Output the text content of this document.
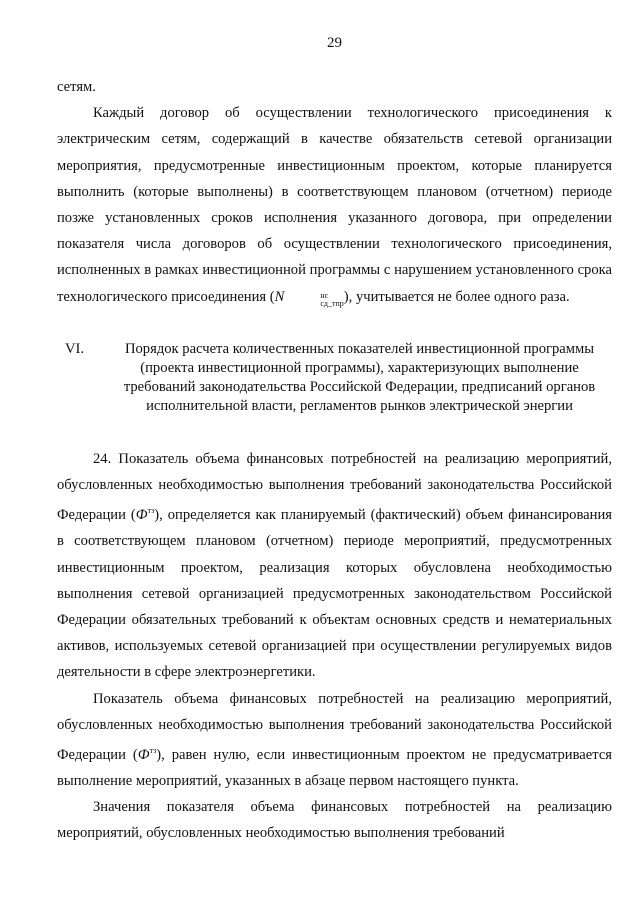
29

сетям.

Каждый договор об осуществлении технологического присоединения к электрическим сетям, содержащий в качестве обязательств сетевой организации мероприятия, предусмотренные инвестиционным проектом, которые планируется выполнить (которые выполнены) в соответствующем плановом (отчетном) периоде позже установленных сроков исполнения указанного договора, при определении показателя числа договоров об осуществлении технологического присоединения, исполненных в рамках инвестиционной программы с нарушением установленного срока технологического присоединения (N	нс
сд_тпр ), учитывается не более одного раза.

VI.	Порядок расчета количественных показателей инвестиционной программы (проекта инвестиционной программы), характеризующих выполнение требований законодательства Российской Федерации, предписаний органов исполнительной власти, регламентов рынков электрической энергии

24. Показатель объема финансовых потребностей на реализацию мероприятий, обусловленных необходимостью выполнения требований законодательства Российской Федерации $(Ф^{тз})$, определяется как планируемый (фактический) объем финансирования в соответствующем плановом (отчетном) периоде мероприятий, предусмотренных инвестиционным проектом, реализация которых обусловлена необходимостью выполнения сетевой организацией предусмотренных законодательством Российской Федерации обязательных требований к объектам основных средств и нематериальных активов, используемых сетевой организацией при осуществлении регулируемых видов деятельности в сфере электроэнергетики.

Показатель объема финансовых потребностей на реализацию мероприятий, обусловленных необходимостью выполнения требований законодательства Российской Федерации $(Ф^{тз})$, равен нулю, если инвестиционным проектом не предусматривается выполнение мероприятий, указанных в абзаце первом настоящего пункта.

Значения показателя объема финансовых потребностей на реализацию мероприятий, обусловленных необходимостью выполнения требований
